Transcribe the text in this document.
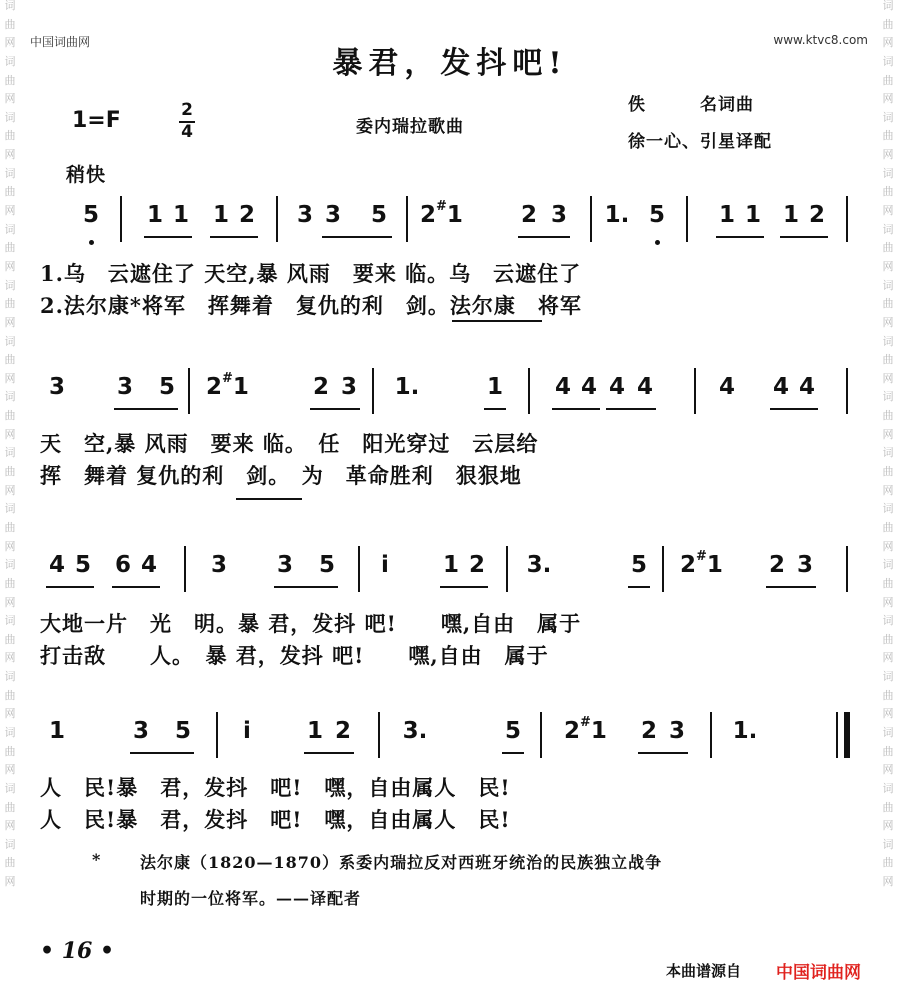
词
曲
网
词
曲
网
词
曲
网
词
曲
网
词
曲
网
词
曲
网
词
曲
网
词
曲
网
词
曲
网
词
曲
网
词
曲
网
词
曲
网
词
曲
网
词
曲
网
词
曲
网
词
曲
网
词
曲
网
词
曲
网
词
曲
网
词
曲
网
词
曲
网
词
曲
网
词
曲
网
词
曲
网
词
曲
网
词
曲
网
词
曲
网
词
曲
网
词
曲
网
词
曲
网
词
曲
网
词
曲
网
中国词曲网	www.ktvc8.com
暴君，发抖吧!
1=F	2
4	委内瑞拉歌曲
佚　　　名词曲
徐一心、引星译配
稍快
5 1 1 1 2 3 3 5 2#1	2 3 1. 5 1 1 1 2
1.乌　云遮住了 天空,暴 风雨　要来 临。乌　云遮住了
2.法尔康*将军　挥舞着　复仇的利　剑。法尔康　将军
3 3 5 2#1	2 3 1.	1 4 4 4 4	4 4 4
天　空,暴 风雨　要来 临。　任　阳光穿过　云层给
挥　舞着 复仇的利　剑。　为　革命胜利　狠狠地
4 5 6 4 3 3 5	i	1 2 3.	5 2#1 2 3
大地一片　光　明。暴 君，发抖 吧!　　嘿,自由　属于
打击敌　　人。　暴 君，发抖 吧!　　嘿,自由　属于
1	3 5	i	1 2 3.	5 2#1 2 3 1.
人　民!暴　君，发抖　吧!　嘿，自由属人　民!
人　民!暴　君，发抖　吧!　嘿，自由属人　民!
* 法尔康（1820—1870）系委内瑞拉反对西班牙统治的民族独立战争
时期的一位将军。——译配者
• 16 •
本曲谱源自 中国词曲网
